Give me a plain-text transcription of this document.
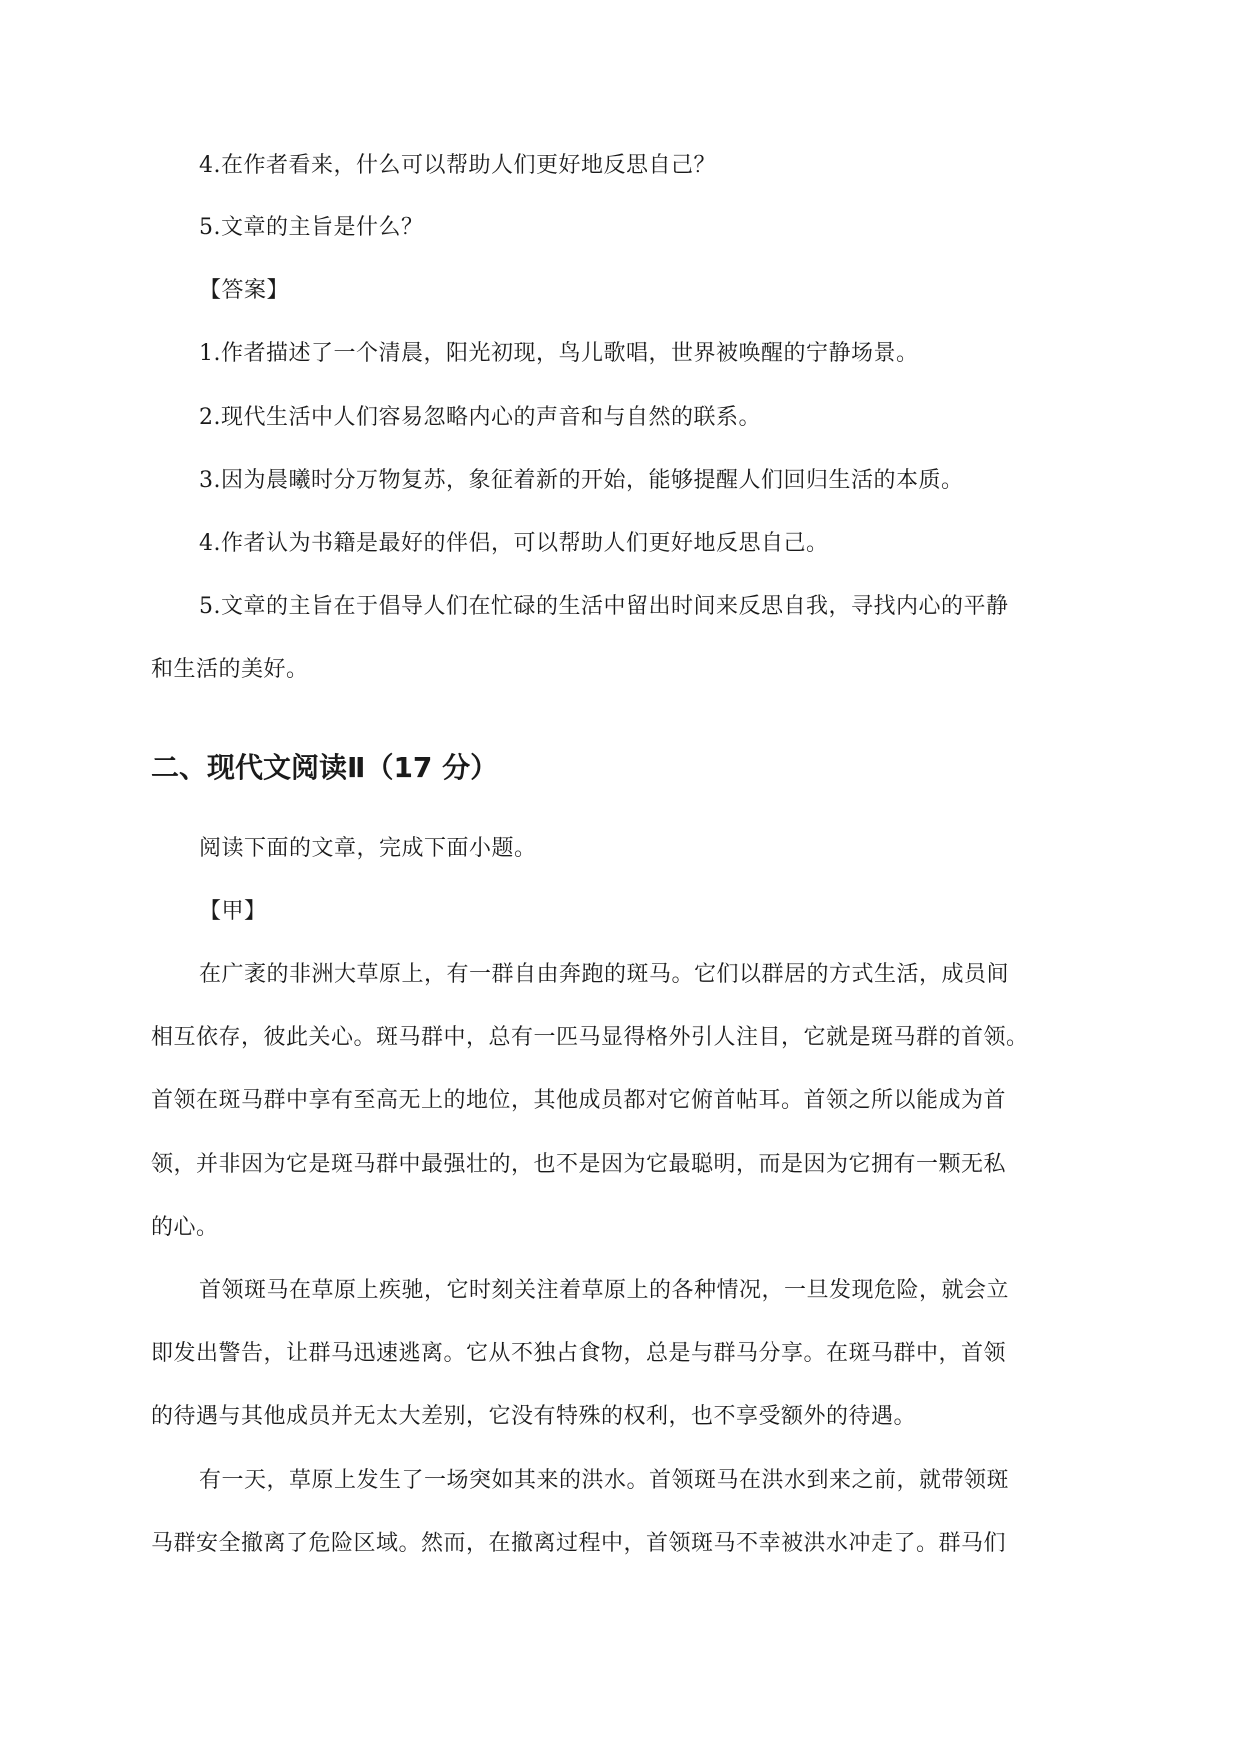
4.在作者看来，什么可以帮助人们更好地反思自己？
5.文章的主旨是什么？
【答案】
1.作者描述了一个清晨，阳光初现，鸟儿歌唱，世界被唤醒的宁静场景。
2.现代生活中人们容易忽略内心的声音和与自然的联系。
3.因为晨曦时分万物复苏，象征着新的开始，能够提醒人们回归生活的本质。
4.作者认为书籍是最好的伴侣，可以帮助人们更好地反思自己。
5.文章的主旨在于倡导人们在忙碌的生活中留出时间来反思自我，寻找内心的平静
和生活的美好。
二、现代文阅读Ⅱ（17 分）
阅读下面的文章，完成下面小题。
【甲】
在广袤的非洲大草原上，有一群自由奔跑的斑马。它们以群居的方式生活，成员间
相互依存，彼此关心。斑马群中，总有一匹马显得格外引人注目，它就是斑马群的首领。
首领在斑马群中享有至高无上的地位，其他成员都对它俯首帖耳。首领之所以能成为首
领，并非因为它是斑马群中最强壮的，也不是因为它最聪明，而是因为它拥有一颗无私
的心。
首领斑马在草原上疾驰，它时刻关注着草原上的各种情况，一旦发现危险，就会立
即发出警告，让群马迅速逃离。它从不独占食物，总是与群马分享。在斑马群中，首领
的待遇与其他成员并无太大差别，它没有特殊的权利，也不享受额外的待遇。
有一天，草原上发生了一场突如其来的洪水。首领斑马在洪水到来之前，就带领斑
马群安全撤离了危险区域。然而，在撤离过程中，首领斑马不幸被洪水冲走了。群马们
